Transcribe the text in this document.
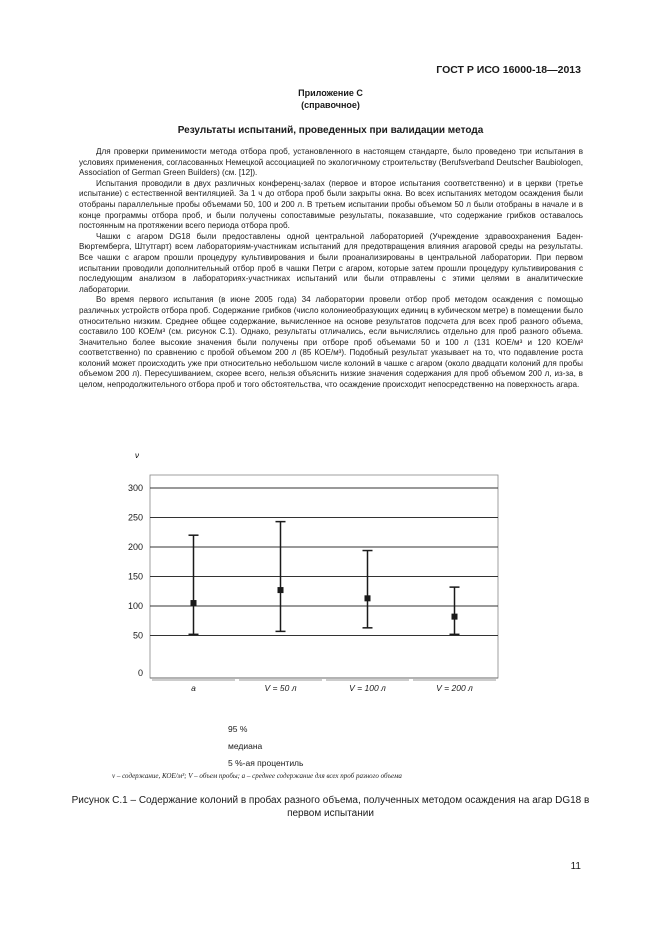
ГОСТ Р ИСО 16000-18—2013
Приложение С
(справочное)
Результаты испытаний, проведенных при валидации метода

Для проверки применимости метода отбора проб, установленного в настоящем стандарте, было проведено три испытания в условиях применения, согласованных Немецкой ассоциацией по экологичному строительству (Berufsverband Deutscher Baubiologen, Association of German Green Builders) (см. [12]).

Испытания проводили в двух различных конференц-залах (первое и второе испытания соответственно) и в церкви (третье испытание) с естественной вентиляцией. За 1 ч до отбора проб были закрыты окна. Во всех испытаниях методом осаждения были отобраны параллельные пробы объемами 50, 100 и 200 л. В третьем испытании пробы объемом 50 л были отобраны в начале и в конце программы отбора проб, и были получены сопоставимые результаты, показавшие, что содержание грибков оставалось постоянным на протяжении всего периода отбора проб.

Чашки с агаром DG18 были предоставлены одной центральной лабораторией (Учреждение здравоохранения Баден-Вюртемберга, Штутгарт) всем лабораториям-участникам испытаний для предотвращения влияния агаровой среды на результаты. Все чашки с агаром прошли процедуру культивирования и были проанализированы в центральной лаборатории. При первом испытании проводили дополнительный отбор проб в чашки Петри с агаром, которые затем прошли процедуру культивирования с последующим анализом в лабораториях-участниках испытаний или были отправлены с этими целями в аналитические лаборатории.

Во время первого испытания (в июне 2005 года) 34 лаборатории провели отбор проб методом осаждения с помощью различных устройств отбора проб. Содержание грибков (число колониеобразующих единиц в кубическом метре) в помещении было относительно низким. Среднее общее содержание, вычисленное на основе результатов подсчета для всех проб разного объема, составило 100 КОЕ/м³ (см. рисунок С.1). Однако, результаты отличались, если вычислялись отдельно для проб разного объема. Значительно более высокие значения были получены при отборе проб объемами 50 и 100 л (131 КОЕ/м³ и 120 КОЕ/м³ соответственно) по сравнению с пробой объемом 200 л (85 КОЕ/м³). Подобный результат указывает на то, что подавление роста колоний может происходить уже при относительно небольшом числе колоний в чашке с агаром (около двадцати колоний для пробы объемом 200 л). Пересушиванием, скорее всего, нельзя объяснить низкие значения содержания для проб объемом 200 л, из-за, в целом, непродолжительного отбора проб и того обстоятельства, что осаждение происходит непосредственно на поверхность агара.

ν
0
50
100
150
200
250
300
a	V = 50 л	V = 100 л	V = 200 л
95 %
медиана
5 %-ая процентиль
ν – содержание, КОЕ/м³; V – объем пробы; a – среднее содержание для всех проб разного объема
Рисунок С.1 – Содержание колоний в пробах разного объема, полученных методом осаждения на агар DG18 в первом испытании
11
